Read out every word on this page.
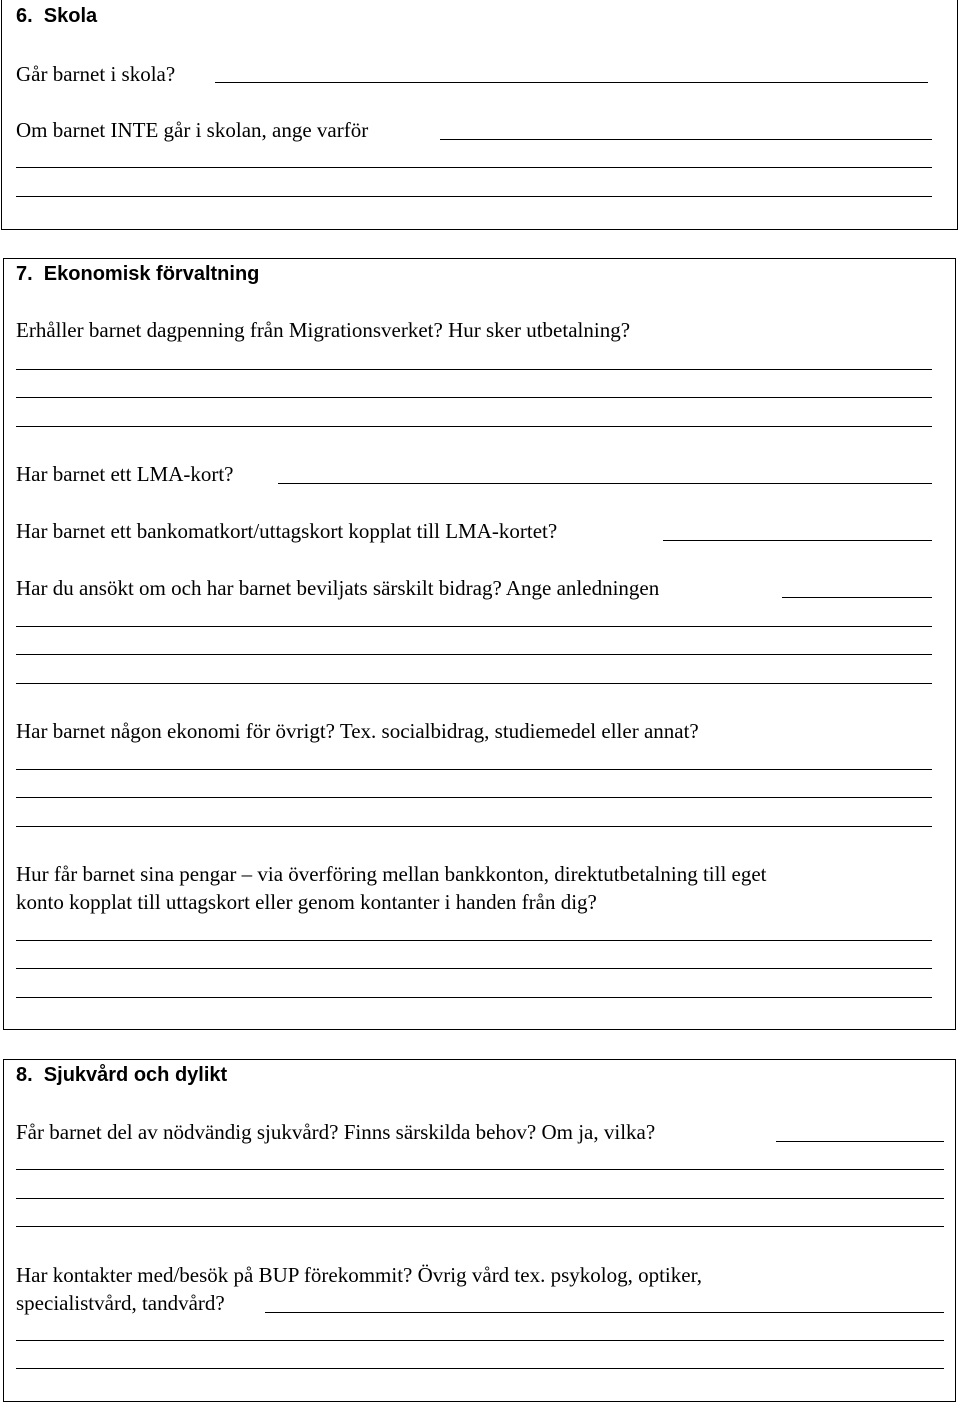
6.  Skola
Går barnet i skola?
Om barnet INTE går i skolan, ange varför
7.  Ekonomisk förvaltning
Erhåller barnet dagpenning från Migrationsverket? Hur sker utbetalning?
Har barnet ett LMA-kort?
Har barnet ett bankomatkort/uttagskort kopplat till LMA-kortet?
Har du ansökt om och har barnet beviljats särskilt bidrag? Ange anledningen
Har barnet någon ekonomi för övrigt? Tex. socialbidrag, studiemedel eller annat?
Hur får barnet sina pengar – via överföring mellan bankkonton, direktutbetalning till eget
konto kopplat till uttagskort eller genom kontanter i handen från dig?
8.  Sjukvård och dylikt
Får barnet del av nödvändig sjukvård? Finns särskilda behov? Om ja, vilka?
Har kontakter med/besök på BUP förekommit? Övrig vård tex. psykolog, optiker,
specialistvård, tandvård?
